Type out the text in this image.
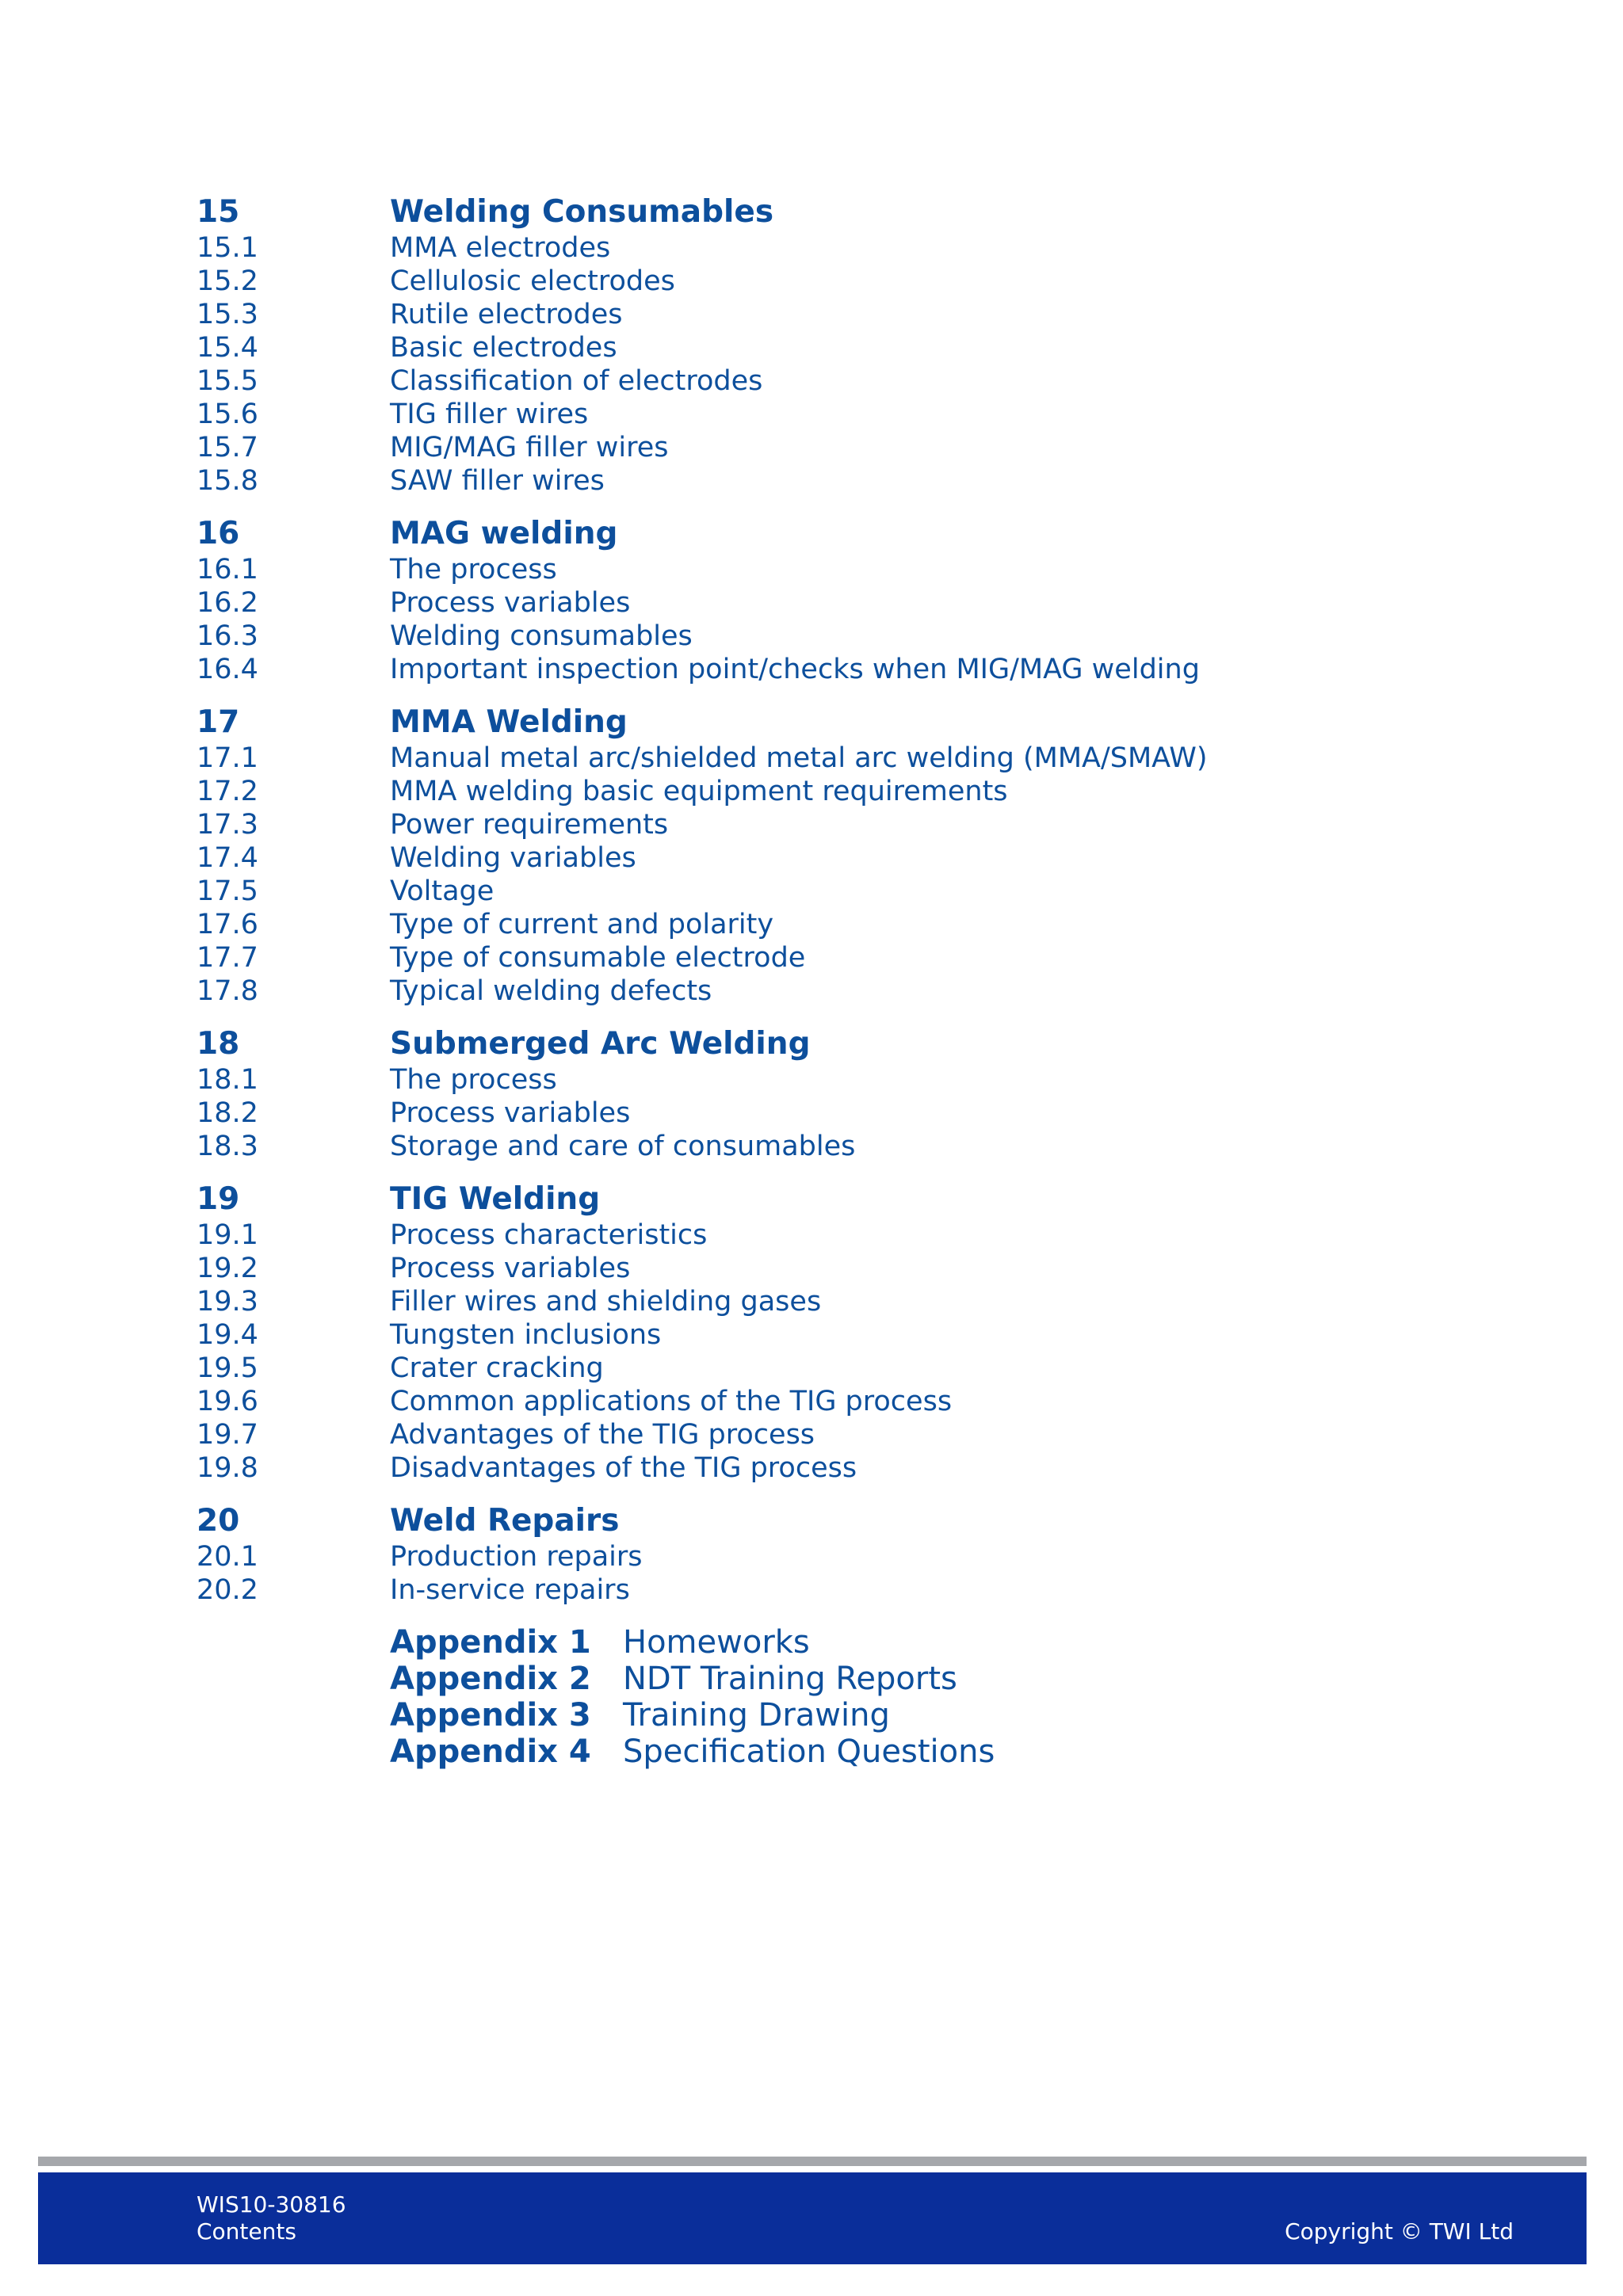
15	Welding Consumables
15.1	MMA electrodes
15.2	Cellulosic electrodes
15.3	Rutile electrodes
15.4	Basic electrodes
15.5	Classification of electrodes
15.6	TIG filler wires
15.7	MIG/MAG filler wires
15.8	SAW filler wires
16	MAG welding
16.1	The process
16.2	Process variables
16.3	Welding consumables
16.4	Important inspection point/checks when MIG/MAG welding
17	MMA Welding
17.1	Manual metal arc/shielded metal arc welding (MMA/SMAW)
17.2	MMA welding basic equipment requirements
17.3	Power requirements
17.4	Welding variables
17.5	Voltage
17.6	Type of current and polarity
17.7	Type of consumable electrode
17.8	Typical welding defects
18	Submerged Arc Welding
18.1	The process
18.2	Process variables
18.3	Storage and care of consumables
19	TIG Welding
19.1	Process characteristics
19.2	Process variables
19.3	Filler wires and shielding gases
19.4	Tungsten inclusions
19.5	Crater cracking
19.6	Common applications of the TIG process
19.7	Advantages of the TIG process
19.8	Disadvantages of the TIG process
20	Weld Repairs
20.1	Production repairs
20.2	In-service repairs
Appendix 1	Homeworks
Appendix 2	NDT Training Reports
Appendix 3	Training Drawing
Appendix 4	Specification Questions
WIS10-30816
Contents	Copyright © TWI Ltd
